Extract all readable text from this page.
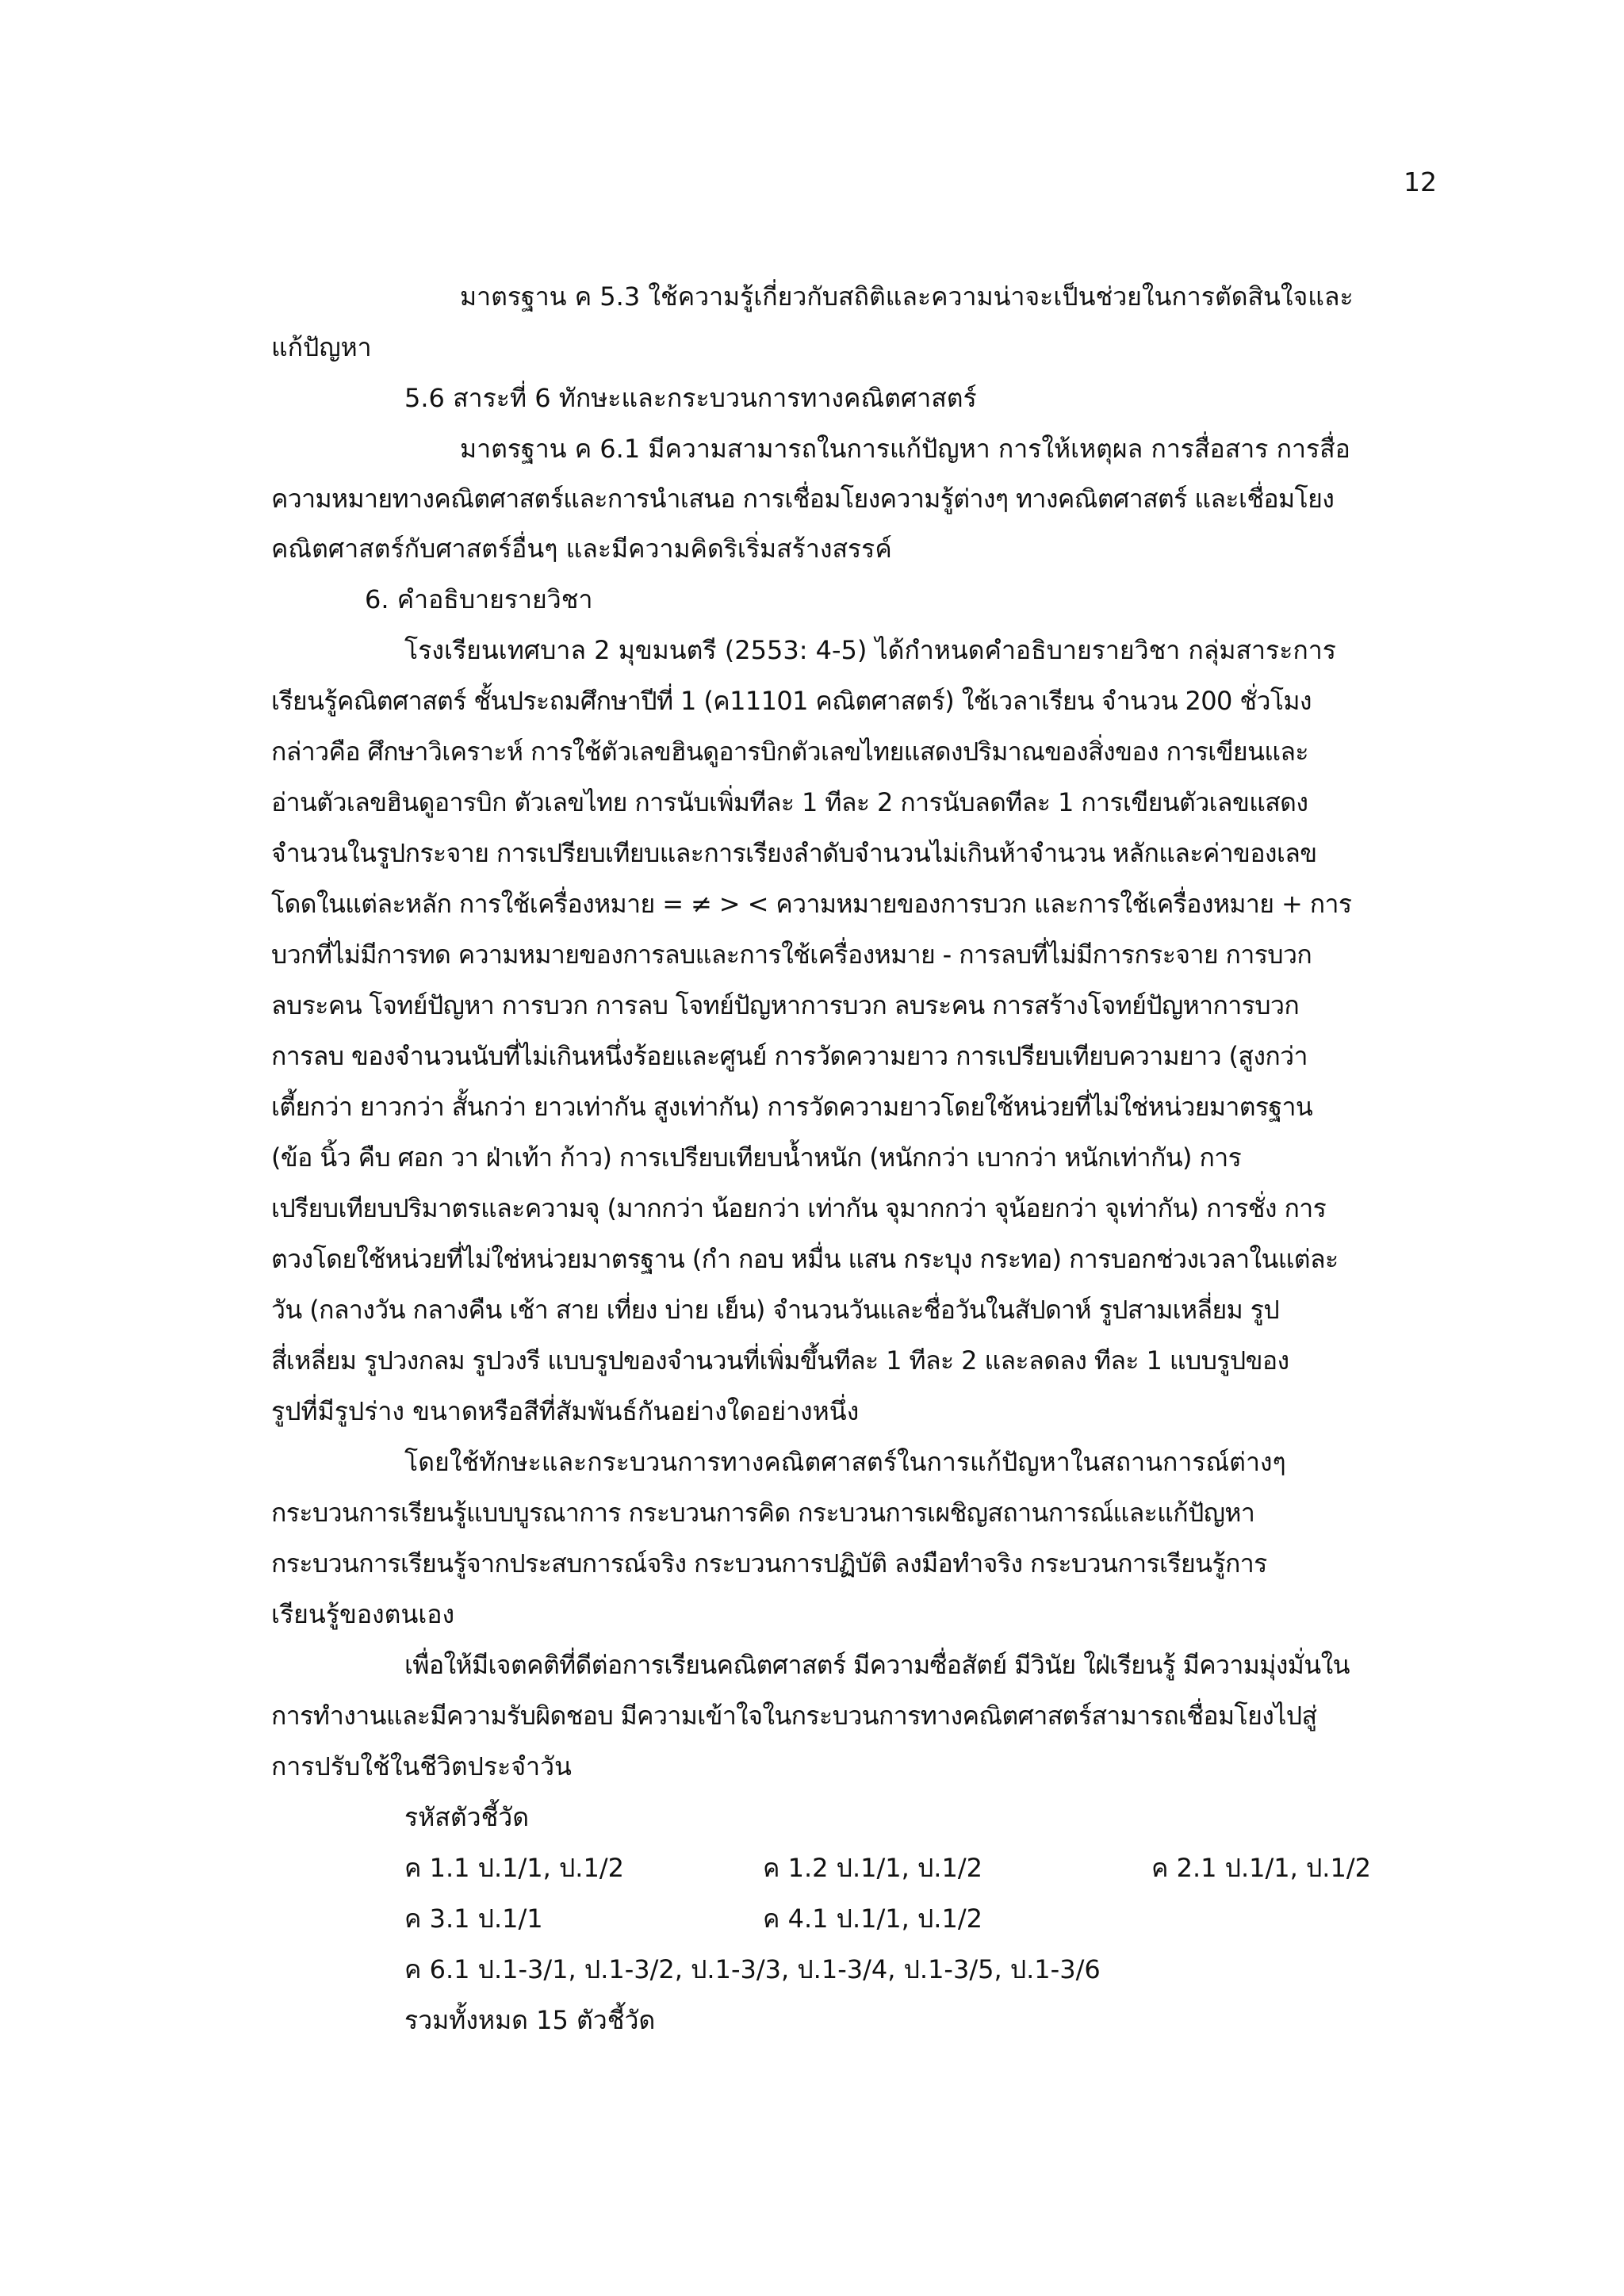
12
มาตรฐาน ค 5.3 ใช้ความรู้เกี่ยวกับสถิติและความน่าจะเป็นช่วยในการตัดสินใจและ
แก้ปัญหา
5.6 สาระที่ 6 ทักษะและกระบวนการทางคณิตศาสตร์
มาตรฐาน ค 6.1 มีความสามารถในการแก้ปัญหา การให้เหตุผล การสื่อสาร การสื่อ
ความหมายทางคณิตศาสตร์และการนำเสนอ การเชื่อมโยงความรู้ต่างๆ ทางคณิตศาสตร์ และเชื่อมโยง
คณิตศาสตร์กับศาสตร์อื่นๆ และมีความคิดริเริ่มสร้างสรรค์
6. คำอธิบายรายวิชา
โรงเรียนเทศบาล 2 มุขมนตรี (2553: 4-5) ได้กำหนดคำอธิบายรายวิชา กลุ่มสาระการ
เรียนรู้คณิตศาสตร์ ชั้นประถมศึกษาปีที่ 1 (ค11101 คณิตศาสตร์) ใช้เวลาเรียน จำนวน 200 ชั่วโมง
กล่าวคือ ศึกษาวิเคราะห์ การใช้ตัวเลขฮินดูอารบิกตัวเลขไทยแสดงปริมาณของสิ่งของ การเขียนและ
อ่านตัวเลขฮินดูอารบิก ตัวเลขไทย การนับเพิ่มทีละ 1 ทีละ 2 การนับลดทีละ 1 การเขียนตัวเลขแสดง
จำนวนในรูปกระจาย การเปรียบเทียบและการเรียงลำดับจำนวนไม่เกินห้าจำนวน หลักและค่าของเลข
โดดในแต่ละหลัก การใช้เครื่องหมาย = ≠ > < ความหมายของการบวก และการใช้เครื่องหมาย + การ
บวกที่ไม่มีการทด ความหมายของการลบและการใช้เครื่องหมาย - การลบที่ไม่มีการกระจาย การบวก
ลบระคน โจทย์ปัญหา การบวก การลบ โจทย์ปัญหาการบวก ลบระคน การสร้างโจทย์ปัญหาการบวก
การลบ ของจำนวนนับที่ไม่เกินหนึ่งร้อยและศูนย์ การวัดความยาว การเปรียบเทียบความยาว (สูงกว่า
เตี้ยกว่า ยาวกว่า สั้นกว่า ยาวเท่ากัน สูงเท่ากัน) การวัดความยาวโดยใช้หน่วยที่ไม่ใช่หน่วยมาตรฐาน
(ข้อ นิ้ว คืบ ศอก วา ฝ่าเท้า ก้าว) การเปรียบเทียบน้ำหนัก (หนักกว่า เบากว่า หนักเท่ากัน) การ
เปรียบเทียบปริมาตรและความจุ (มากกว่า น้อยกว่า เท่ากัน จุมากกว่า จุน้อยกว่า จุเท่ากัน) การชั่ง การ
ตวงโดยใช้หน่วยที่ไม่ใช่หน่วยมาตรฐาน (กำ กอบ หมื่น แสน กระบุง กระทอ) การบอกช่วงเวลาในแต่ละ
วัน (กลางวัน กลางคืน เช้า สาย เที่ยง บ่าย เย็น) จำนวนวันและชื่อวันในสัปดาห์ รูปสามเหลี่ยม รูป
สี่เหลี่ยม รูปวงกลม รูปวงรี แบบรูปของจำนวนที่เพิ่มขึ้นทีละ 1 ทีละ 2 และลดลง ทีละ 1 แบบรูปของ
รูปที่มีรูปร่าง ขนาดหรือสีที่สัมพันธ์กันอย่างใดอย่างหนึ่ง
โดยใช้ทักษะและกระบวนการทางคณิตศาสตร์ในการแก้ปัญหาในสถานการณ์ต่างๆ
กระบวนการเรียนรู้แบบบูรณาการ กระบวนการคิด กระบวนการเผชิญสถานการณ์และแก้ปัญหา
กระบวนการเรียนรู้จากประสบการณ์จริง กระบวนการปฏิบัติ ลงมือทำจริง กระบวนการเรียนรู้การ
เรียนรู้ของตนเอง
เพื่อให้มีเจตคติที่ดีต่อการเรียนคณิตศาสตร์ มีความซื่อสัตย์ มีวินัย ใฝ่เรียนรู้ มีความมุ่งมั่นใน
การทำงานและมีความรับผิดชอบ มีความเข้าใจในกระบวนการทางคณิตศาสตร์สามารถเชื่อมโยงไปสู่
การปรับใช้ในชีวิตประจำวัน
รหัสตัวชี้วัด
ค 1.1 ป.1/1, ป.1/2	ค 1.2 ป.1/1, ป.1/2	ค 2.1 ป.1/1, ป.1/2
ค 3.1 ป.1/1	ค 4.1 ป.1/1, ป.1/2
ค 6.1 ป.1-3/1, ป.1-3/2, ป.1-3/3, ป.1-3/4, ป.1-3/5, ป.1-3/6
รวมทั้งหมด 15 ตัวชี้วัด
